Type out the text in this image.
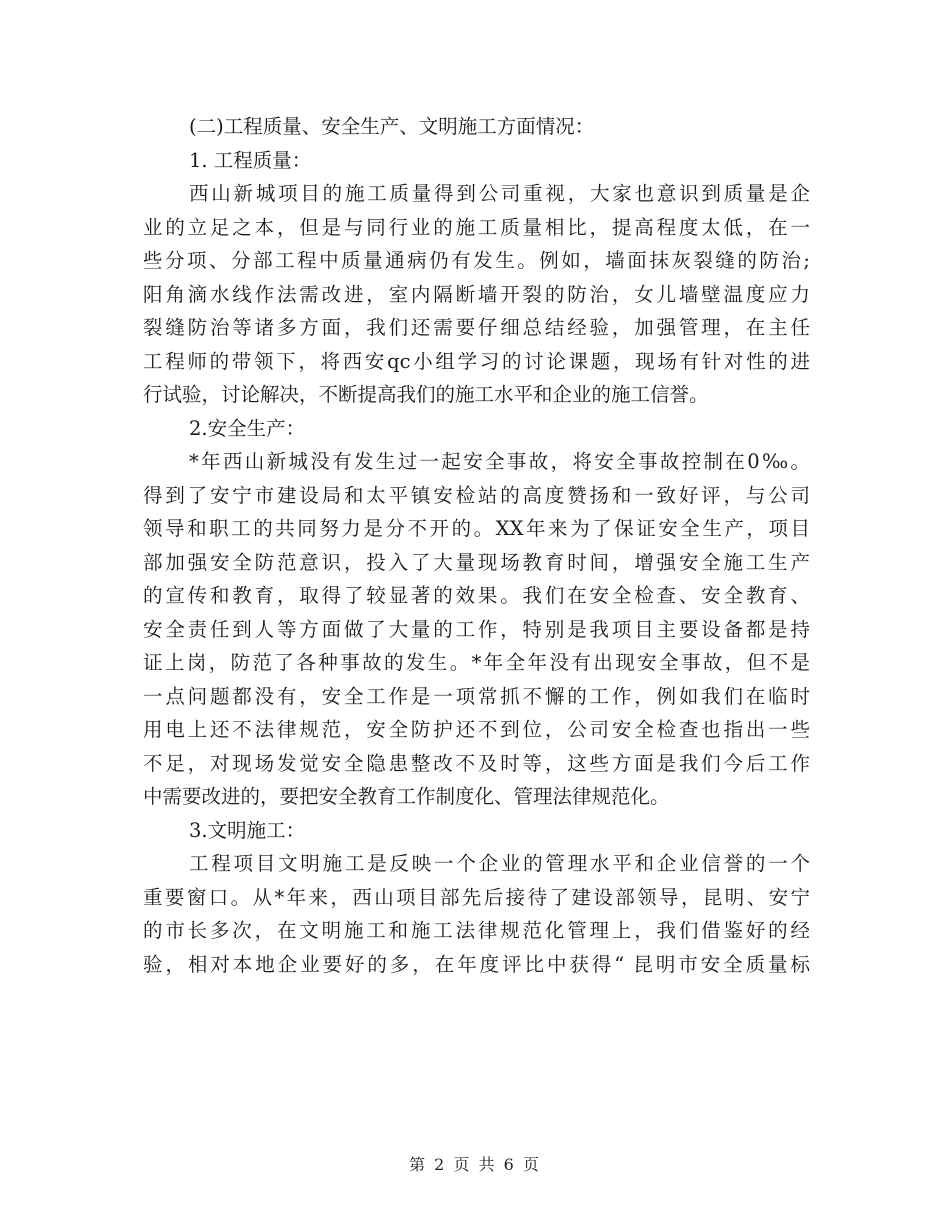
(二)工程质量、安全生产、文明施工方面情况：

1. 工程质量：

西山新城项目的施工质量得到公司重视，大家也意识到质量是企
业的立足之本，但是与同行业的施工质量相比，提高程度太低，在一
些分项、分部工程中质量通病仍有发生。例如，墙面抹灰裂缝的防治;
阳角滴水线作法需改进，室内隔断墙开裂的防治，女儿墙壁温度应力
裂缝防治等诸多方面，我们还需要仔细总结经验，加强管理，在主任
工程师的带领下，将西安qc小组学习的讨论课题，现场有针对性的进
行试验，讨论解决，不断提高我们的施工水平和企业的施工信誉。

2.安全生产：

*年西山新城没有发生过一起安全事故，将安全事故控制在0‰。
得到了安宁市建设局和太平镇安检站的高度赞扬和一致好评，与公司
领导和职工的共同努力是分不开的。XX年来为了保证安全生产，项目
部加强安全防范意识，投入了大量现场教育时间，增强安全施工生产
的宣传和教育，取得了较显著的效果。我们在安全检查、安全教育、
安全责任到人等方面做了大量的工作，特别是我项目主要设备都是持
证上岗，防范了各种事故的发生。*年全年没有出现安全事故，但不是
一点问题都没有，安全工作是一项常抓不懈的工作，例如我们在临时
用电上还不法律规范，安全防护还不到位，公司安全检查也指出一些
不足，对现场发觉安全隐患整改不及时等，这些方面是我们今后工作
中需要改进的，要把安全教育工作制度化、管理法律规范化。

3.文明施工：

工程项目文明施工是反映一个企业的管理水平和企业信誉的一个
重要窗口。从*年来，西山项目部先后接待了建设部领导，昆明、安宁
的市长多次，在文明施工和施工法律规范化管理上，我们借鉴好的经
验，相对本地企业要好的多，在年度评比中获得“ 昆明市安全质量标

第 2 页 共 6 页
